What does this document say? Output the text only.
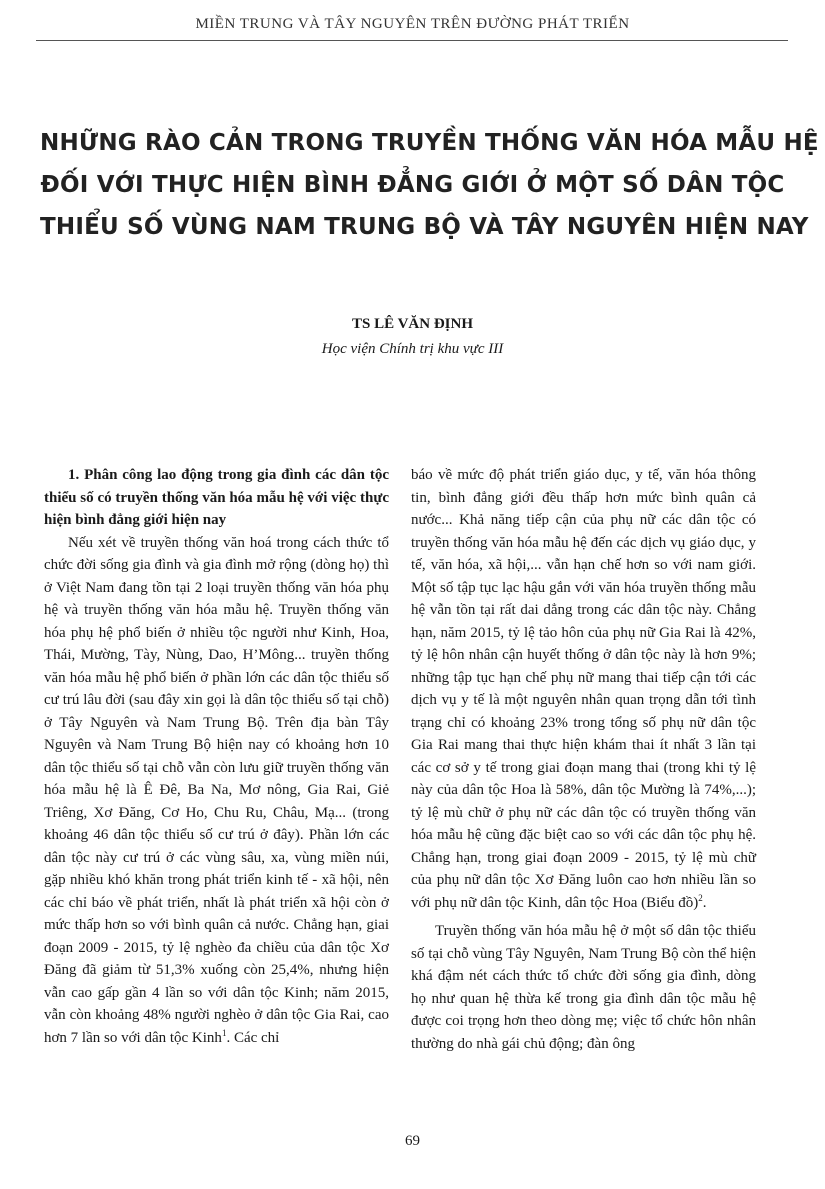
MIỀN TRUNG VÀ TÂY NGUYÊN TRÊN ĐƯỜNG PHÁT TRIỂN
NHỮNG RÀO CẢN TRONG TRUYỀN THỐNG VĂN HÓA MẪU HỆ
ĐỐI VỚI THỰC HIỆN BÌNH ĐẲNG GIỚI Ở MỘT SỐ DÂN TỘC
THIỂU SỐ VÙNG NAM TRUNG BỘ VÀ TÂY NGUYÊN HIỆN NAY
TS LÊ VĂN ĐỊNH
Học viện Chính trị khu vực III

1. Phân công lao động trong gia đình các dân tộc thiểu số có truyền thống văn hóa mẫu hệ với việc thực hiện bình đẳng giới hiện nay

Nếu xét về truyền thống văn hoá trong cách thức tổ chức đời sống gia đình và gia đình mở rộng (dòng họ) thì ở Việt Nam đang tồn tại 2 loại truyền thống văn hóa phụ hệ và truyền thống văn hóa mẫu hệ. Truyền thống văn hóa phụ hệ phổ biến ở nhiều tộc người như Kinh, Hoa, Thái, Mường, Tày, Nùng, Dao, H’Mông... truyền thống văn hóa mẫu hệ phổ biến ở phần lớn các dân tộc thiểu số cư trú lâu đời (sau đây xin gọi là dân tộc thiểu số tại chỗ) ở Tây Nguyên và Nam Trung Bộ. Trên địa bàn Tây Nguyên và Nam Trung Bộ hiện nay có khoảng hơn 10 dân tộc thiểu số tại chỗ vẫn còn lưu giữ truyền thống văn hóa mẫu hệ là Ê Đê, Ba Na, Mơ nông, Gia Rai, Giẻ Triêng, Xơ Đăng, Cơ Ho, Chu Ru, Châu, Mạ... (trong khoảng 46 dân tộc thiểu số cư trú ở đây). Phần lớn các dân tộc này cư trú ở các vùng sâu, xa, vùng miền núi, gặp nhiều khó khăn trong phát triển kinh tế - xã hội, nên các chỉ báo về phát triển, nhất là phát triển xã hội còn ở mức thấp hơn so với bình quân cả nước. Chẳng hạn, giai đoạn 2009 - 2015, tỷ lệ nghèo đa chiều của dân tộc Xơ Đăng đã giảm từ 51,3% xuống còn 25,4%, nhưng hiện vẫn cao gấp gần 4 lần so với dân tộc Kinh; năm 2015, vẫn còn khoảng 48% người nghèo ở dân tộc Gia Rai, cao hơn 7 lần so với dân tộc Kinh$^1$. Các chỉ

báo về mức độ phát triển giáo dục, y tế, văn hóa thông tin, bình đẳng giới đều thấp hơn mức bình quân cả nước... Khả năng tiếp cận của phụ nữ các dân tộc có truyền thống văn hóa mẫu hệ đến các dịch vụ giáo dục, y tế, văn hóa, xã hội,... vẫn hạn chế hơn so với nam giới. Một số tập tục lạc hậu gắn với văn hóa truyền thống mẫu hệ vẫn tồn tại rất dai dẳng trong các dân tộc này. Chẳng hạn, năm 2015, tỷ lệ tảo hôn của phụ nữ Gia Rai là 42%, tỷ lệ hôn nhân cận huyết thống ở dân tộc này là hơn 9%; những tập tục hạn chế phụ nữ mang thai tiếp cận tới các dịch vụ y tế là một nguyên nhân quan trọng dẫn tới tình trạng chỉ có khoảng 23% trong tổng số phụ nữ dân tộc Gia Rai mang thai thực hiện khám thai ít nhất 3 lần tại các cơ sở y tế trong giai đoạn mang thai (trong khi tỷ lệ này của dân tộc Hoa là 58%, dân tộc Mường là 74%,...); tỷ lệ mù chữ ở phụ nữ các dân tộc có truyền thống văn hóa mẫu hệ cũng đặc biệt cao so với các dân tộc phụ hệ. Chẳng hạn, trong giai đoạn 2009 - 2015, tỷ lệ mù chữ của phụ nữ dân tộc Xơ Đăng luôn cao hơn nhiều lần so với phụ nữ dân tộc Kinh, dân tộc Hoa (Biểu đồ)$^2$.

Truyền thống văn hóa mẫu hệ ở một số dân tộc thiểu số tại chỗ vùng Tây Nguyên, Nam Trung Bộ còn thể hiện khá đậm nét cách thức tổ chức đời sống gia đình, dòng họ như quan hệ thừa kế trong gia đình dân tộc mẫu hệ được coi trọng hơn theo dòng mẹ; việc tổ chức hôn nhân thường do nhà gái chủ động; đàn ông

69
